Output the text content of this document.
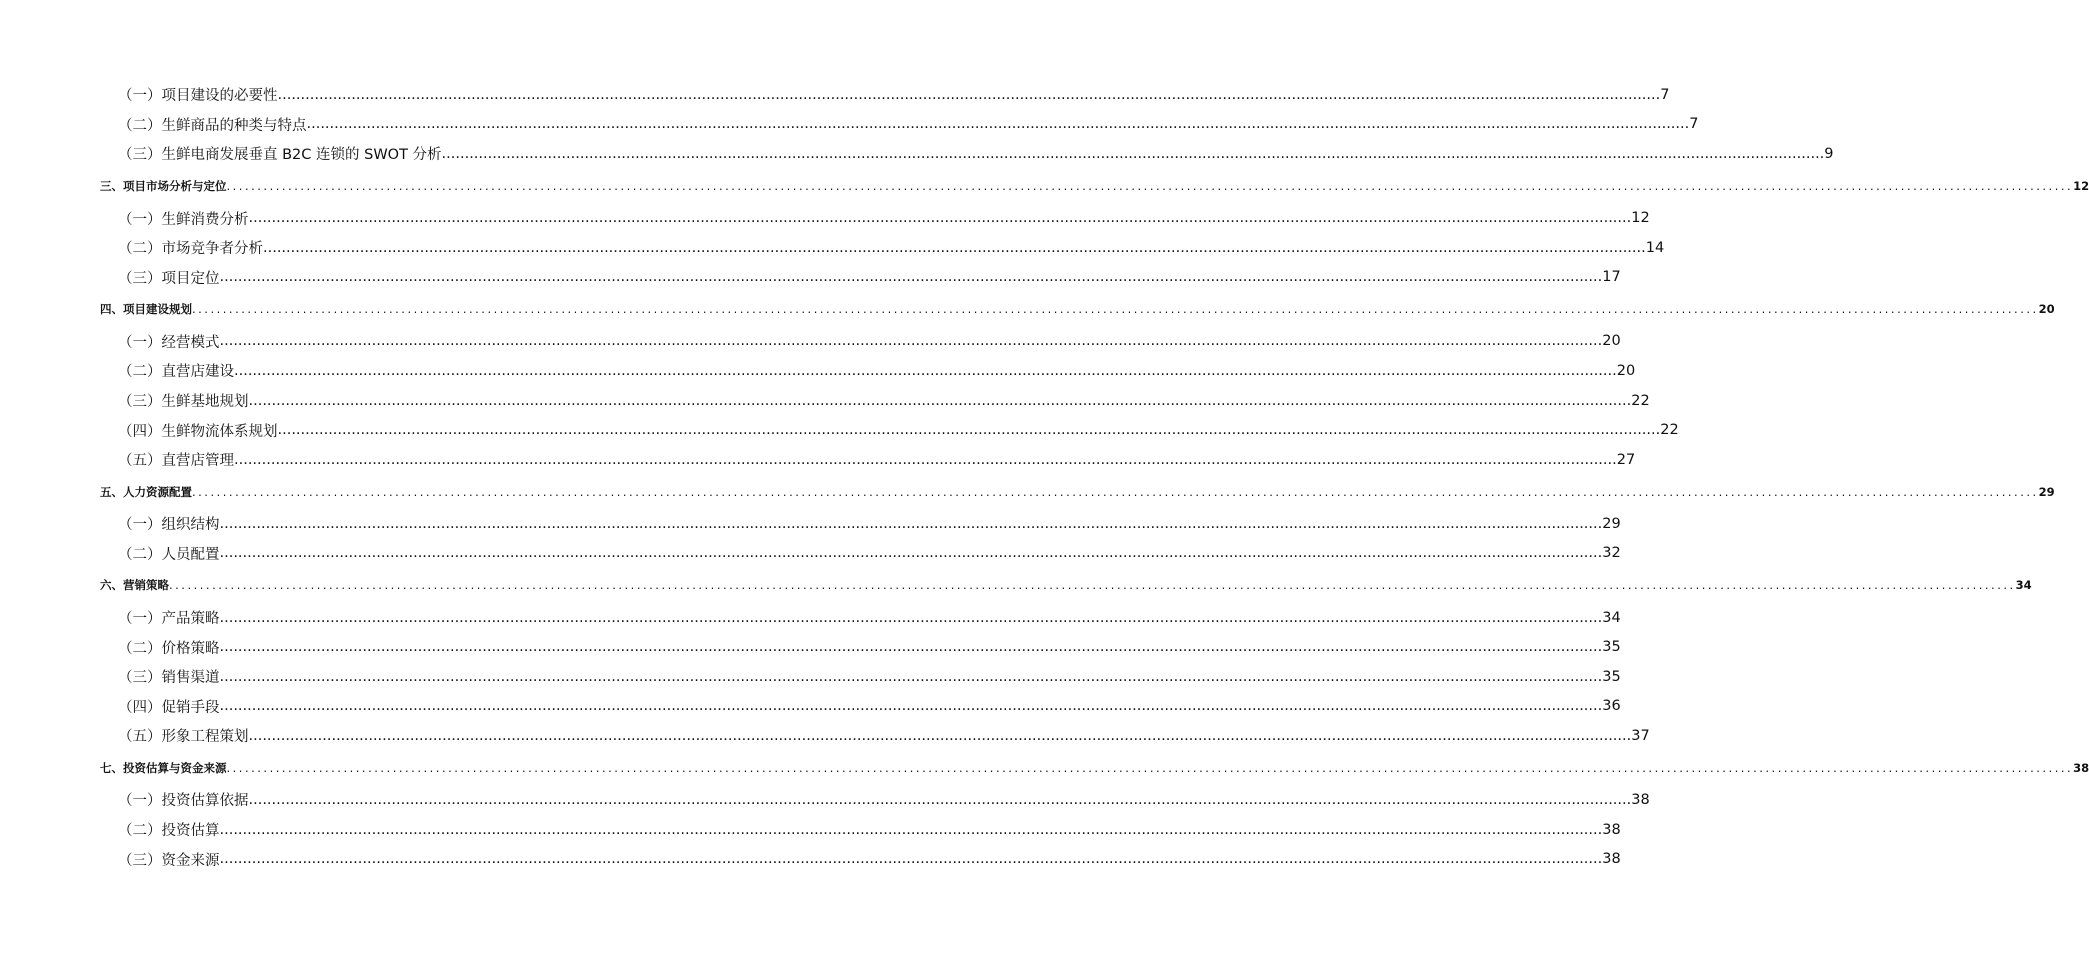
（一）项目建设的必要性 ............................................................................................................................................................................................................................................................................................................ 7
（二）生鲜商品的种类与特点 ............................................................................................................................................................................................................................................................................................................ 7
（三）生鲜电商发展垂直 B2C 连锁的 SWOT 分析 ............................................................................................................................................................................................................................................................................................................ 9
三、项目市场分析与定位 ............................................................................................................................................................................................................................................................................................................ 12
（一）生鲜消费分析 ............................................................................................................................................................................................................................................................................................................ 12
（二）市场竞争者分析 ............................................................................................................................................................................................................................................................................................................ 14
（三）项目定位 ............................................................................................................................................................................................................................................................................................................ 17
四、项目建设规划 ............................................................................................................................................................................................................................................................................................................ 20
（一）经营模式 ............................................................................................................................................................................................................................................................................................................ 20
（二）直营店建设 ............................................................................................................................................................................................................................................................................................................ 20
（三）生鲜基地规划 ............................................................................................................................................................................................................................................................................................................ 22
（四）生鲜物流体系规划 ............................................................................................................................................................................................................................................................................................................ 22
（五）直营店管理 ............................................................................................................................................................................................................................................................................................................ 27
五、人力资源配置 ............................................................................................................................................................................................................................................................................................................ 29
（一）组织结构 ............................................................................................................................................................................................................................................................................................................ 29
（二）人员配置 ............................................................................................................................................................................................................................................................................................................ 32
六、营销策略 ............................................................................................................................................................................................................................................................................................................ 34
（一）产品策略 ............................................................................................................................................................................................................................................................................................................ 34
（二）价格策略 ............................................................................................................................................................................................................................................................................................................ 35
（三）销售渠道 ............................................................................................................................................................................................................................................................................................................ 35
（四）促销手段 ............................................................................................................................................................................................................................................................................................................ 36
（五）形象工程策划 ............................................................................................................................................................................................................................................................................................................ 37
七、投资估算与资金来源 ............................................................................................................................................................................................................................................................................................................ 38
（一）投资估算依据 ............................................................................................................................................................................................................................................................................................................ 38
（二）投资估算 ............................................................................................................................................................................................................................................................................................................ 38
（三）资金来源 ............................................................................................................................................................................................................................................................................................................ 38
